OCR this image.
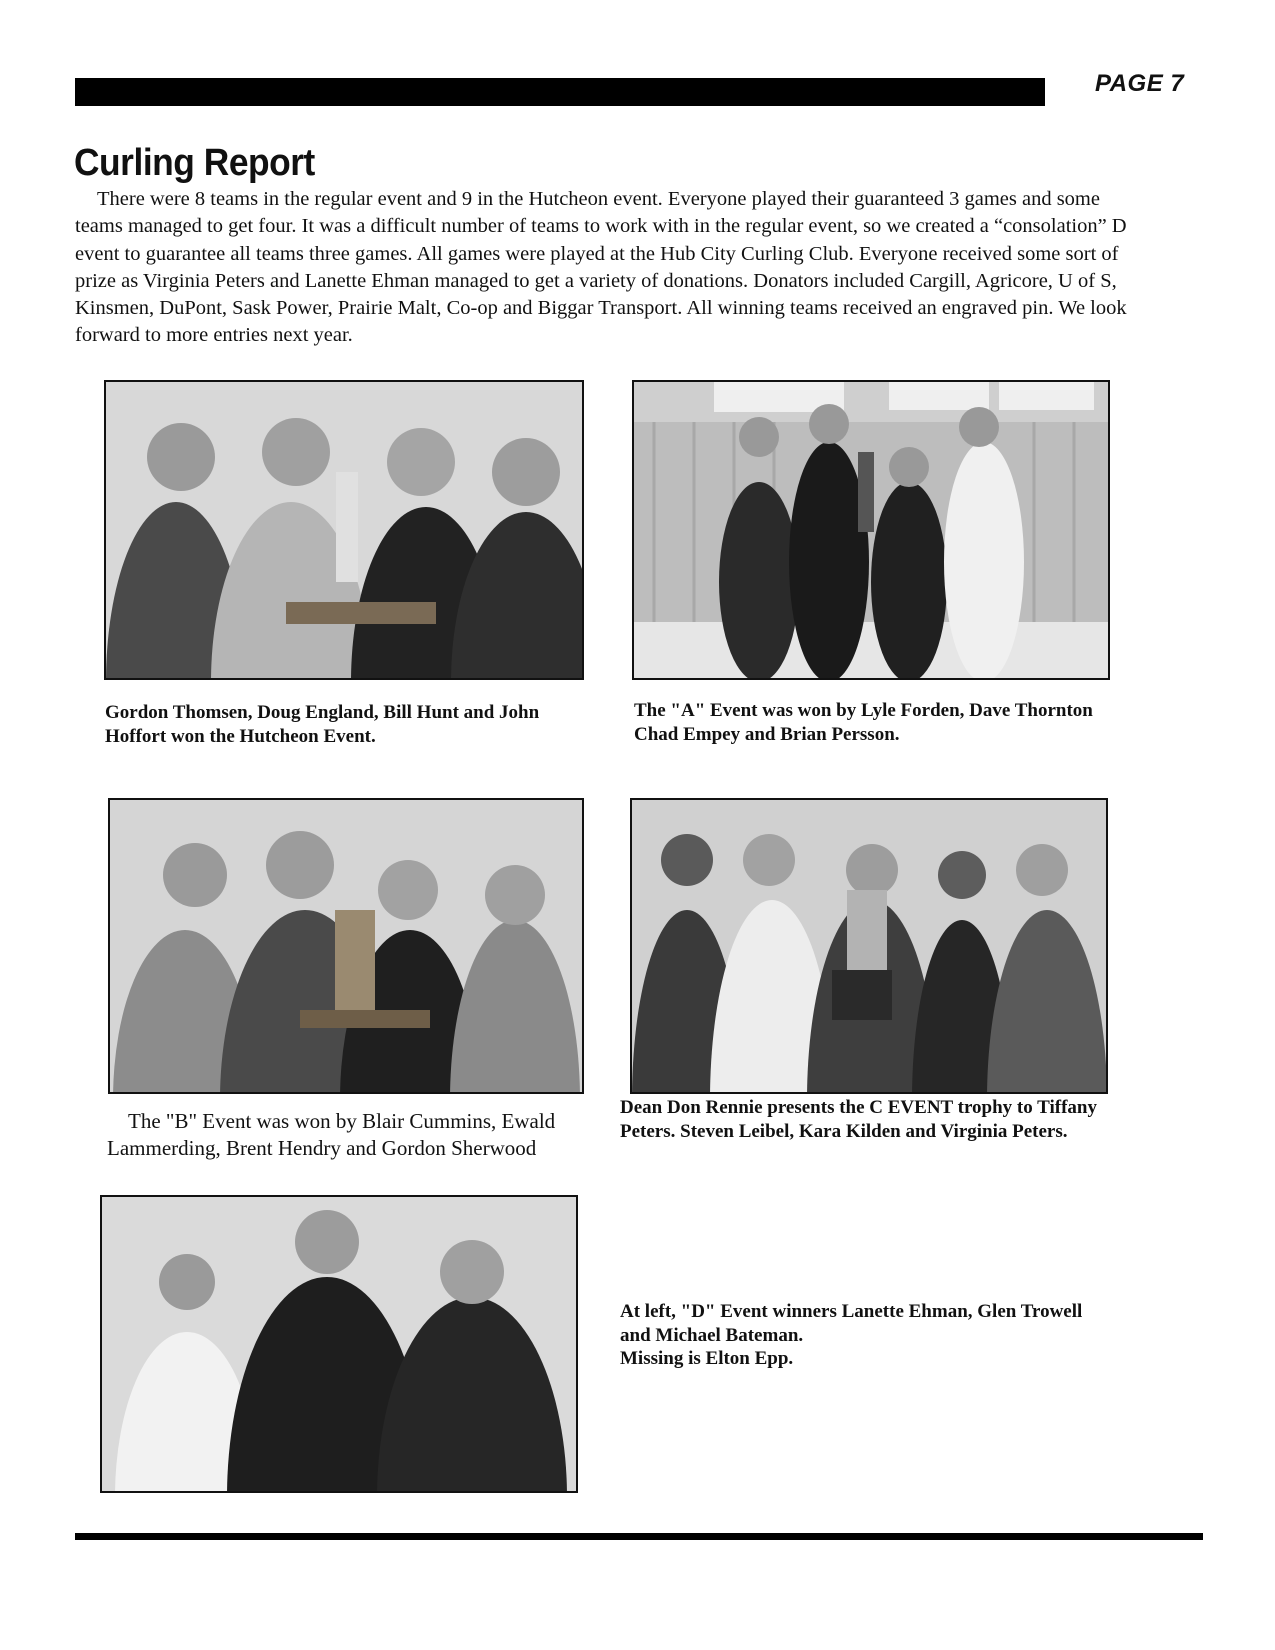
PAGE 7
Curling Report

There were 8 teams in the regular event and 9 in the Hutcheon event. Everyone played their guaranteed 3 games and some teams managed to get four. It was a difficult number of teams to work with in the regular event, so we created a “consolation” D event to guarantee all teams three games. All games were played at the Hub City Curling Club. Everyone received some sort of prize as Virginia Peters and Lanette Ehman managed to get a variety of donations. Donators included Cargill, Agricore, U of S, Kinsmen, DuPont, Sask Power, Prairie Malt, Co-op and Biggar Transport. All winning teams received an engraved pin. We look forward to more entries next year.

Gordon Thomsen, Doug England, Bill Hunt and John Hoffort won the Hutcheon Event.

The "A" Event was won by Lyle Forden, Dave Thornton Chad Empey and Brian Persson.

The "B" Event was won by Blair Cummins, Ewald Lammerding, Brent Hendry and Gordon Sherwood

Dean Don Rennie presents the C EVENT trophy to Tiffany Peters. Steven Leibel, Kara Kilden and Virginia Peters.

At left, "D" Event winners Lanette Ehman, Glen Trowell and Michael Bateman.
Missing is Elton Epp.
